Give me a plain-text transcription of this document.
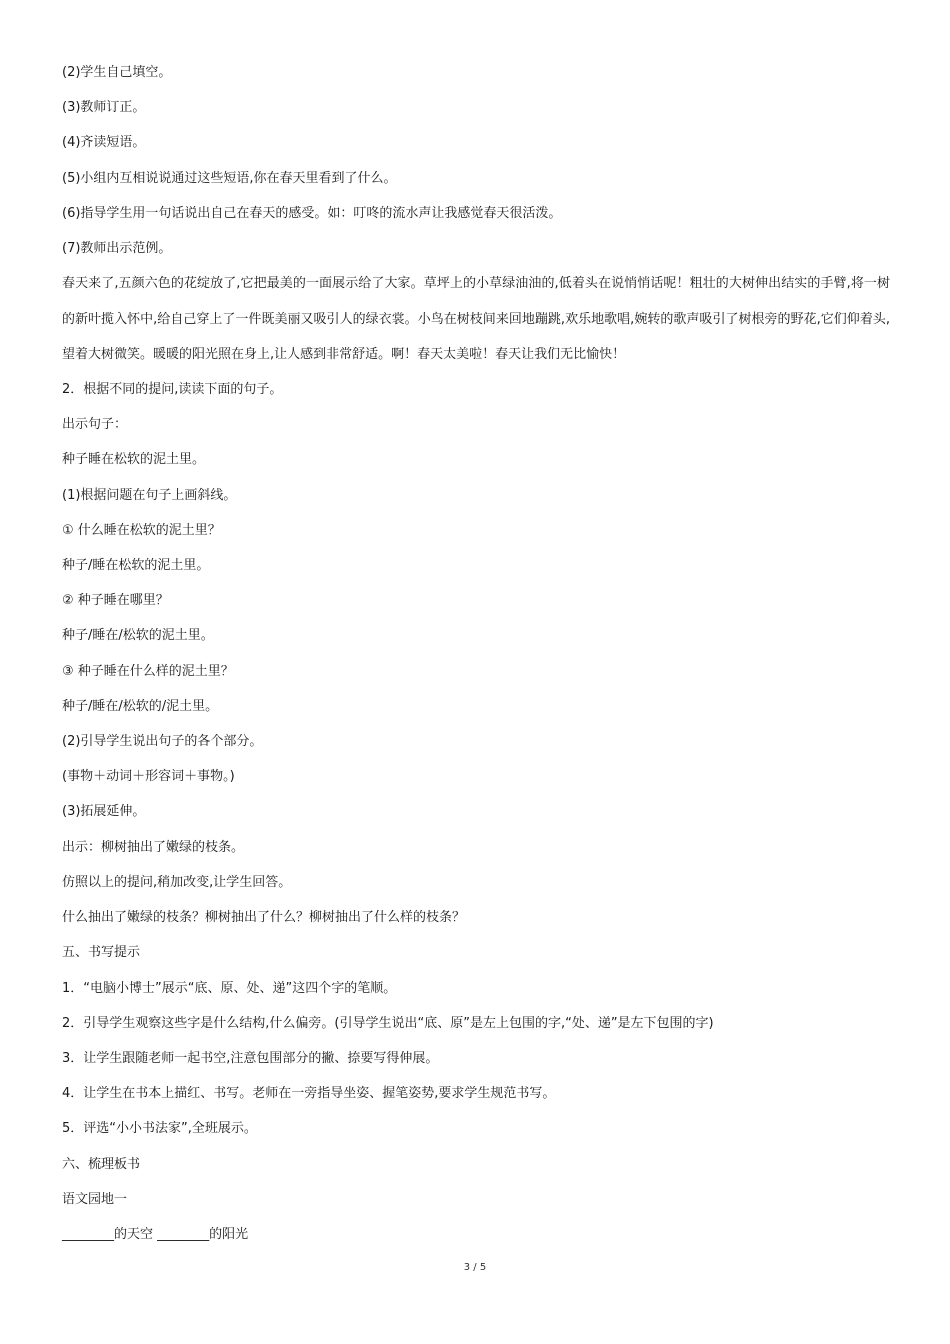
(2)学生自己填空。
(3)教师订正。
(4)齐读短语。
(5)小组内互相说说通过这些短语,你在春天里看到了什么。
(6)指导学生用一句话说出自己在春天的感受。如：叮咚的流水声让我感觉春天很活泼。
(7)教师出示范例。
春天来了,五颜六色的花绽放了,它把最美的一面展示给了大家。草坪上的小草绿油油的,低着头在说悄悄话呢！粗壮的大树伸出结实的手臂,将一树的新叶揽入怀中,给自己穿上了一件既美丽又吸引人的绿衣裳。小鸟在树枝间来回地蹦跳,欢乐地歌唱,婉转的歌声吸引了树根旁的野花,它们仰着头,望着大树微笑。暖暖的阳光照在身上,让人感到非常舒适。啊！春天太美啦！春天让我们无比愉快！
2．根据不同的提问,读读下面的句子。
出示句子：
种子睡在松软的泥土里。
(1)根据问题在句子上画斜线。
① 什么睡在松软的泥土里？
种子/睡在松软的泥土里。
② 种子睡在哪里？
种子/睡在/松软的泥土里。
③ 种子睡在什么样的泥土里？
种子/睡在/松软的/泥土里。
(2)引导学生说出句子的各个部分。
(事物＋动词＋形容词＋事物。)
(3)拓展延伸。
出示：柳树抽出了嫩绿的枝条。
仿照以上的提问,稍加改变,让学生回答。
什么抽出了嫩绿的枝条？柳树抽出了什么？柳树抽出了什么样的枝条？
五、书写提示
1．“电脑小博士”展示“底、原、处、递”这四个字的笔顺。
2．引导学生观察这些字是什么结构,什么偏旁。(引导学生说出“底、原”是左上包围的字,“处、递”是左下包围的字)
3．让学生跟随老师一起书空,注意包围部分的撇、捺要写得伸展。
4．让学生在书本上描红、书写。老师在一旁指导坐姿、握笔姿势,要求学生规范书写。
5．评选“小小书法家”,全班展示。
六、梳理板书
语文园地一
________的天空 ________的阳光
3 / 5
